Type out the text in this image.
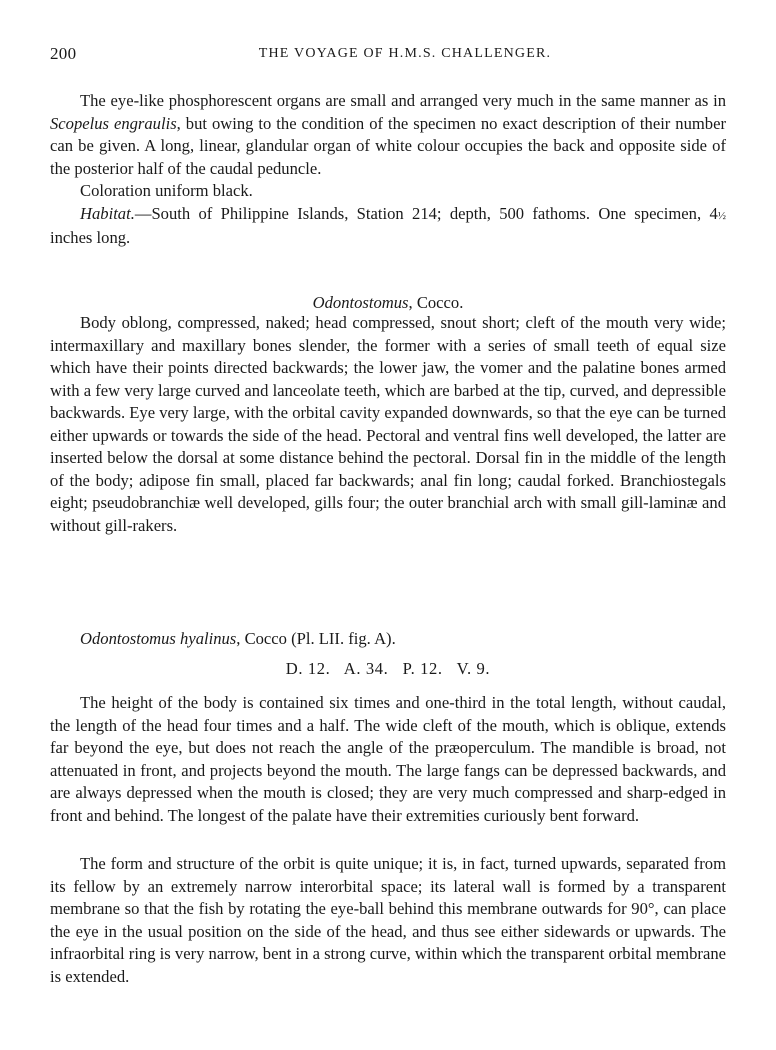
200	THE VOYAGE OF H.M.S. CHALLENGER.

The eye-like phosphorescent organs are small and arranged very much in the same manner as in Scopelus engraulis, but owing to the condition of the specimen no exact description of their number can be given. A long, linear, glandular organ of white colour occupies the back and opposite side of the posterior half of the caudal peduncle.

Coloration uniform black.

Habitat.—South of Philippine Islands, Station 214; depth, 500 fathoms. One specimen, 4½ inches long.

Odontostomus, Cocco.

Body oblong, compressed, naked; head compressed, snout short; cleft of the mouth very wide; intermaxillary and maxillary bones slender, the former with a series of small teeth of equal size which have their points directed backwards; the lower jaw, the vomer and the palatine bones armed with a few very large curved and lanceolate teeth, which are barbed at the tip, curved, and depressible backwards. Eye very large, with the orbital cavity expanded downwards, so that the eye can be turned either upwards or towards the side of the head. Pectoral and ventral fins well developed, the latter are inserted below the dorsal at some distance behind the pectoral. Dorsal fin in the middle of the length of the body; adipose fin small, placed far backwards; anal fin long; caudal forked. Branchiostegals eight; pseudobranchiæ well developed, gills four; the outer branchial arch with small gill-laminæ and without gill-rakers.

Odontostomus hyalinus, Cocco (Pl. LII. fig. A).
D. 12.   A. 34.   P. 12.   V. 9.

The height of the body is contained six times and one-third in the total length, without caudal, the length of the head four times and a half. The wide cleft of the mouth, which is oblique, extends far beyond the eye, but does not reach the angle of the præoperculum. The mandible is broad, not attenuated in front, and projects beyond the mouth. The large fangs can be depressed backwards, and are always depressed when the mouth is closed; they are very much compressed and sharp-edged in front and behind. The longest of the palate have their extremities curiously bent forward.

The form and structure of the orbit is quite unique; it is, in fact, turned upwards, separated from its fellow by an extremely narrow interorbital space; its lateral wall is formed by a transparent membrane so that the fish by rotating the eye-ball behind this membrane outwards for 90°, can place the eye in the usual position on the side of the head, and thus see either sidewards or upwards. The infraorbital ring is very narrow, bent in a strong curve, within which the transparent orbital membrane is extended.
